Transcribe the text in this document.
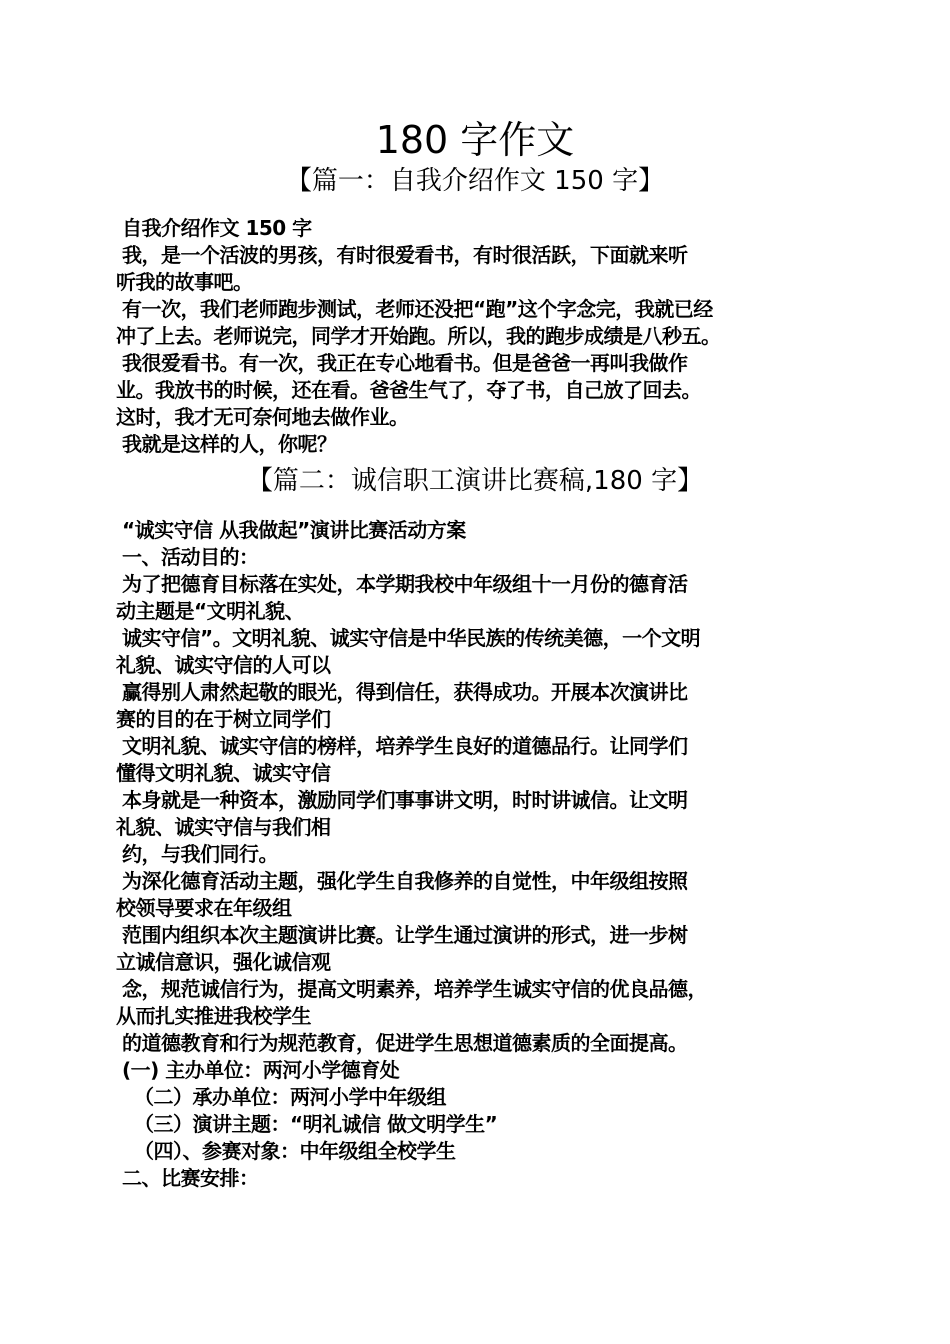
180 字作文
【篇一：自我介绍作文 150 字】
自我介绍作文 150 字
我，是一个活波的男孩，有时很爱看书，有时很活跃，下面就来听
听我的故事吧。
有一次，我们老师跑步测试，老师还没把“跑”这个字念完，我就已经
冲了上去。老师说完，同学才开始跑。所以，我的跑步成绩是八秒五。
我很爱看书。有一次，我正在专心地看书。但是爸爸一再叫我做作
业。我放书的时候，还在看。爸爸生气了，夺了书，自己放了回去。
这时，我才无可奈何地去做作业。
我就是这样的人，你呢？
【篇二：诚信职工演讲比赛稿,180 字】
“诚实守信 从我做起”演讲比赛活动方案
一、活动目的：
为了把德育目标落在实处，本学期我校中年级组十一月份的德育活
动主题是“文明礼貌、
诚实守信”。文明礼貌、诚实守信是中华民族的传统美德，一个文明
礼貌、诚实守信的人可以
赢得别人肃然起敬的眼光，得到信任，获得成功。开展本次演讲比
赛的目的在于树立同学们
文明礼貌、诚实守信的榜样，培养学生良好的道德品行。让同学们
懂得文明礼貌、诚实守信
本身就是一种资本，激励同学们事事讲文明，时时讲诚信。让文明
礼貌、诚实守信与我们相
约，与我们同行。
为深化德育活动主题，强化学生自我修养的自觉性，中年级组按照
校领导要求在年级组
范围内组织本次主题演讲比赛。让学生通过演讲的形式，进一步树
立诚信意识，强化诚信观
念，规范诚信行为，提高文明素养，培养学生诚实守信的优良品德，
从而扎实推进我校学生
的道德教育和行为规范教育，促进学生思想道德素质的全面提高。
(一) 主办单位：两河小学德育处
（二）承办单位：两河小学中年级组
（三）演讲主题：“明礼诚信 做文明学生”
（四）、参赛对象：中年级组全校学生
二、比赛安排：
